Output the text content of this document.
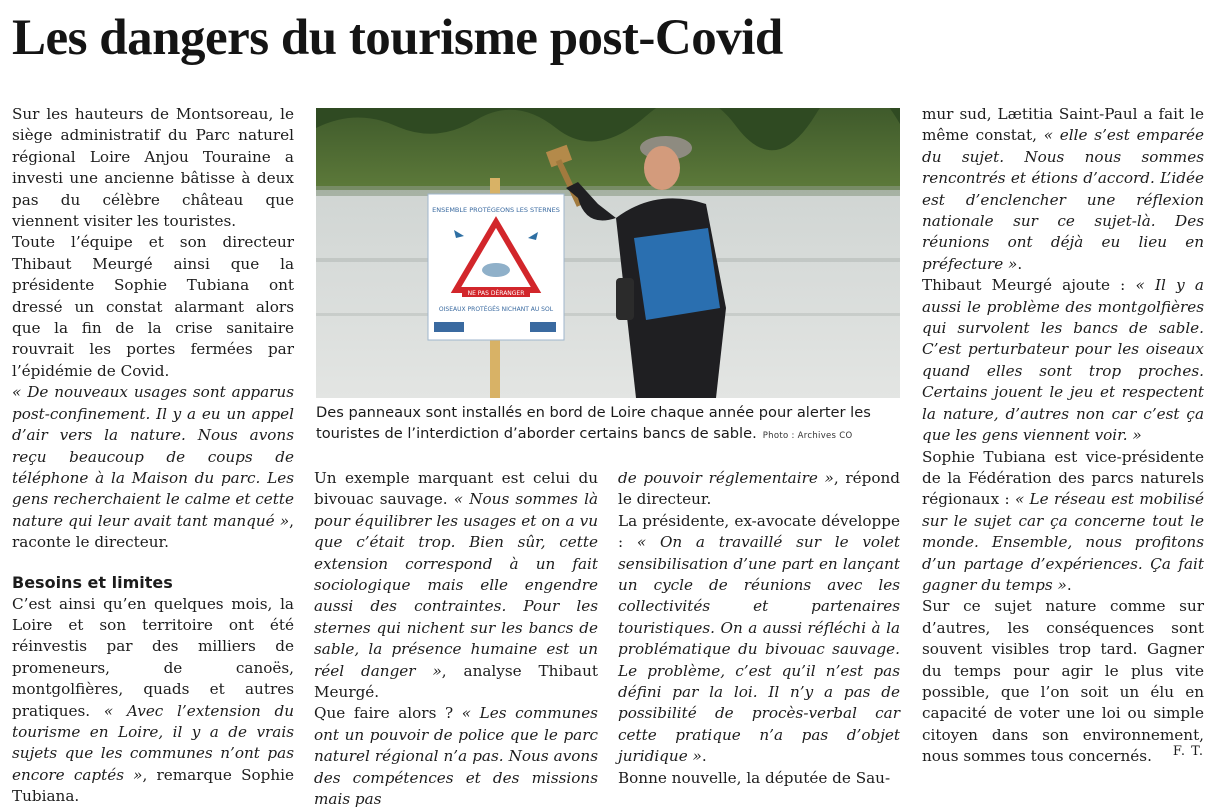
Les dangers du tourisme post-Covid

Sur les hauteurs de Montsoreau, le siège administratif du Parc naturel régional Loire Anjou Touraine a investi une ancienne bâtisse à deux pas du célèbre château que viennent visiter les touristes.

Toute l’équipe et son directeur Thibaut Meurgé ainsi que la présidente Sophie Tubiana ont dressé un constat alarmant alors que la fin de la crise sanitaire rouvrait les portes fermées par l’épidémie de Covid.

« De nouveaux usages sont apparus post-confinement. Il y a eu un appel d’air vers la nature. Nous avons reçu beaucoup de coups de téléphone à la Maison du parc. Les gens recherchaient le calme et cette nature qui leur avait tant manqué », raconte le directeur.

Besoins et limites

C’est ainsi qu’en quelques mois, la Loire et son territoire ont été réinvestis par des milliers de promeneurs, de canoës, montgolfières, quads et autres pratiques. « Avec l’extension du tourisme en Loire, il y a de vrais sujets que les communes n’ont pas encore captés », remarque Sophie Tubiana.

ENSEMBLE PROTÉGEONS LES STERNES
NE PAS DÉRANGER
OISEAUX PROTÉGÉS NICHANT AU SOL
Des panneaux sont installés en bord de Loire chaque année pour alerter les touristes de l’interdiction d’aborder certains bancs de sable. Photo : Archives CO

Un exemple marquant est celui du bivouac sauvage. « Nous sommes là pour équilibrer les usages et on a vu que c’était trop. Bien sûr, cette extension correspond à un fait sociologique mais elle engendre aussi des contraintes. Pour les sternes qui nichent sur les bancs de sable, la présence humaine est un réel danger », analyse Thibaut Meurgé.

Que faire alors ? « Les communes ont un pouvoir de police que le parc naturel régional n’a pas. Nous avons des compétences et des missions mais pas

de pouvoir réglementaire », répond le directeur.

La présidente, ex-avocate développe : « On a travaillé sur le volet sensibilisation d’une part en lançant un cycle de réunions avec les collectivités et partenaires touristiques. On a aussi réfléchi à la problématique du bivouac sauvage. Le problème, c’est qu’il n’est pas défini par la loi. Il n’y a pas de possibilité de procès-verbal car cette pratique n’a pas d’objet juridique ».

Bonne nouvelle, la députée de Sau-

mur sud, Lætitia Saint-Paul a fait le même constat, « elle s’est emparée du sujet. Nous nous sommes rencontrés et étions d’accord. L’idée est d’enclencher une réflexion nationale sur ce sujet-là. Des réunions ont déjà eu lieu en préfecture ».

Thibaut Meurgé ajoute : « Il y a aussi le problème des montgolfières qui survolent les bancs de sable. C’est perturbateur pour les oiseaux quand elles sont trop proches. Certains jouent le jeu et respectent la nature, d’autres non car c’est ça que les gens viennent voir. »

Sophie Tubiana est vice-présidente de la Fédération des parcs naturels régionaux : « Le réseau est mobilisé sur le sujet car ça concerne tout le monde. Ensemble, nous profitons d’un partage d’expériences. Ça fait gagner du temps ».

Sur ce sujet nature comme sur d’autres, les conséquences sont souvent visibles trop tard. Gagner du temps pour agir le plus vite possible, que l’on soit un élu en capacité de voter une loi ou simple citoyen dans son environnement, nous sommes tous concernés.	F. T.
